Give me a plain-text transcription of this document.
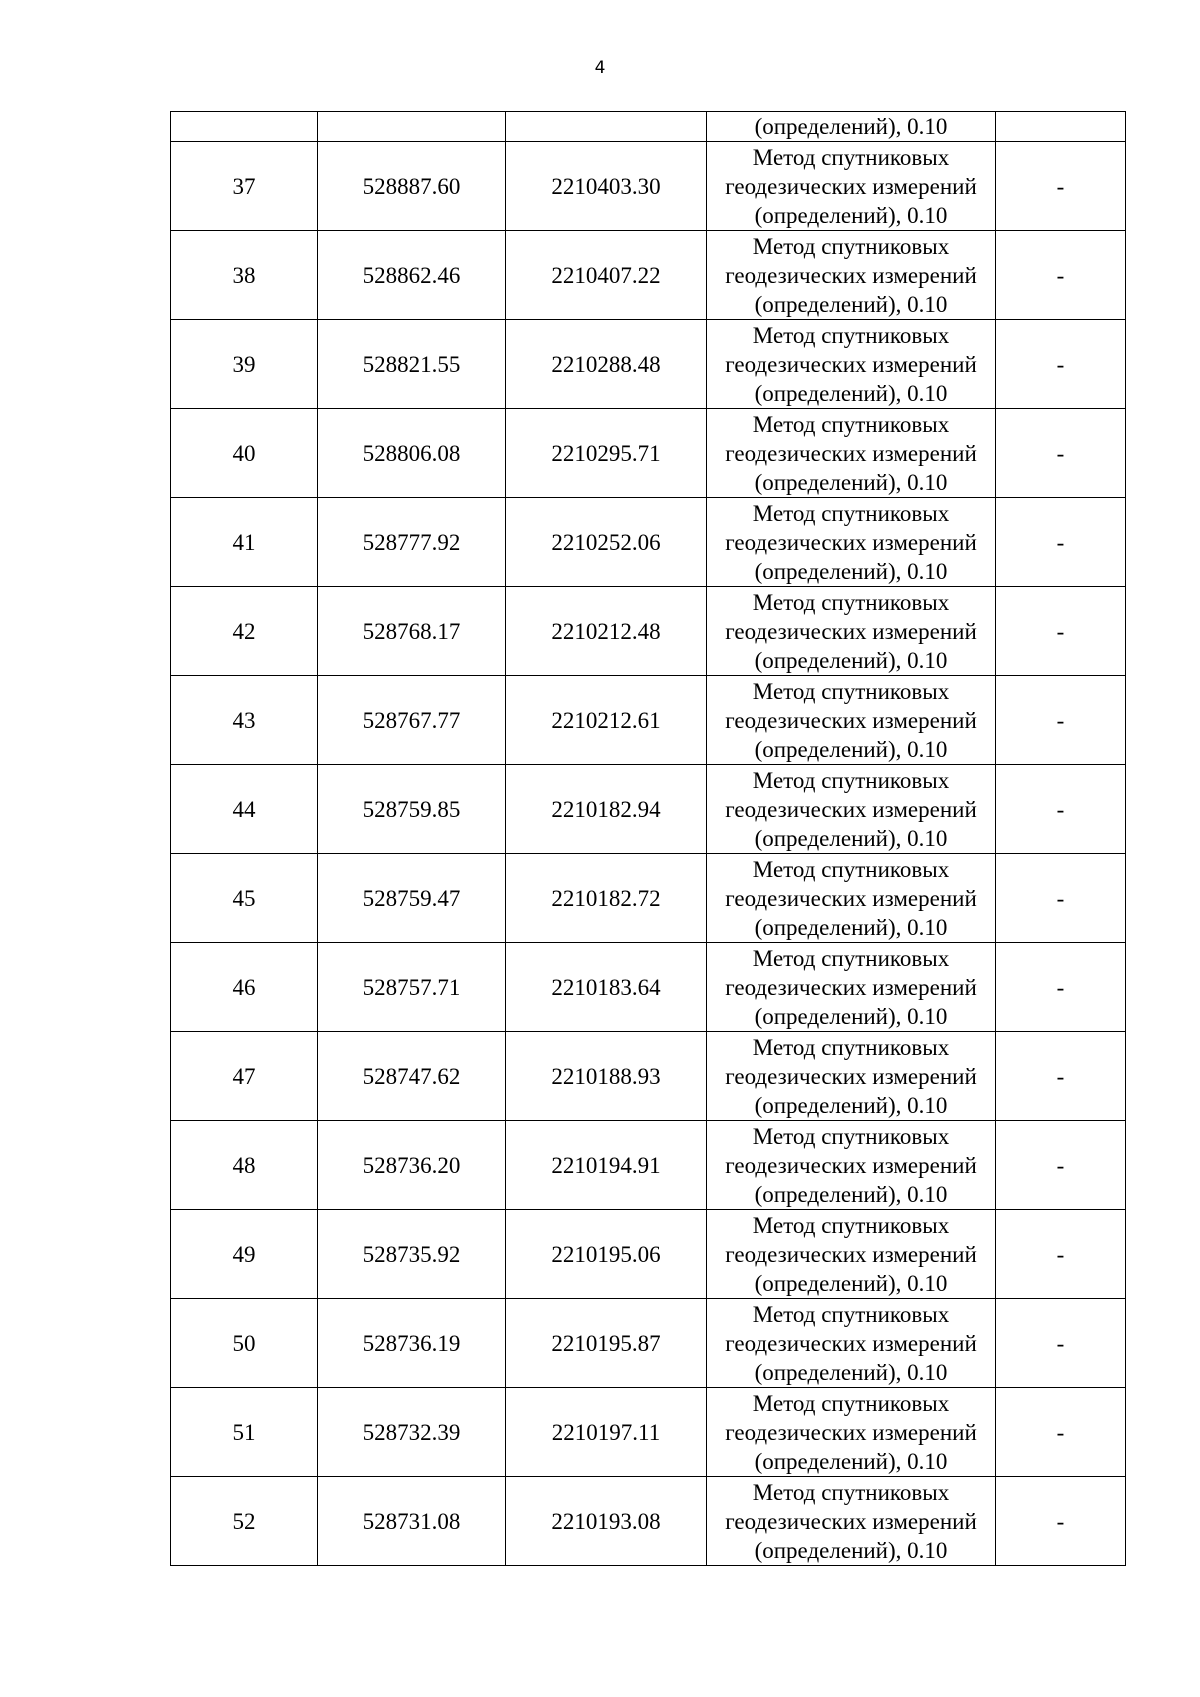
4
			(определений), 0.10	
37	528887.60	2210403.30	Метод спутниковых
геодезических измерений
(определений), 0.10	-
38	528862.46	2210407.22	Метод спутниковых
геодезических измерений
(определений), 0.10	-
39	528821.55	2210288.48	Метод спутниковых
геодезических измерений
(определений), 0.10	-
40	528806.08	2210295.71	Метод спутниковых
геодезических измерений
(определений), 0.10	-
41	528777.92	2210252.06	Метод спутниковых
геодезических измерений
(определений), 0.10	-
42	528768.17	2210212.48	Метод спутниковых
геодезических измерений
(определений), 0.10	-
43	528767.77	2210212.61	Метод спутниковых
геодезических измерений
(определений), 0.10	-
44	528759.85	2210182.94	Метод спутниковых
геодезических измерений
(определений), 0.10	-
45	528759.47	2210182.72	Метод спутниковых
геодезических измерений
(определений), 0.10	-
46	528757.71	2210183.64	Метод спутниковых
геодезических измерений
(определений), 0.10	-
47	528747.62	2210188.93	Метод спутниковых
геодезических измерений
(определений), 0.10	-
48	528736.20	2210194.91	Метод спутниковых
геодезических измерений
(определений), 0.10	-
49	528735.92	2210195.06	Метод спутниковых
геодезических измерений
(определений), 0.10	-
50	528736.19	2210195.87	Метод спутниковых
геодезических измерений
(определений), 0.10	-
51	528732.39	2210197.11	Метод спутниковых
геодезических измерений
(определений), 0.10	-
52	528731.08	2210193.08	Метод спутниковых
геодезических измерений
(определений), 0.10	-
